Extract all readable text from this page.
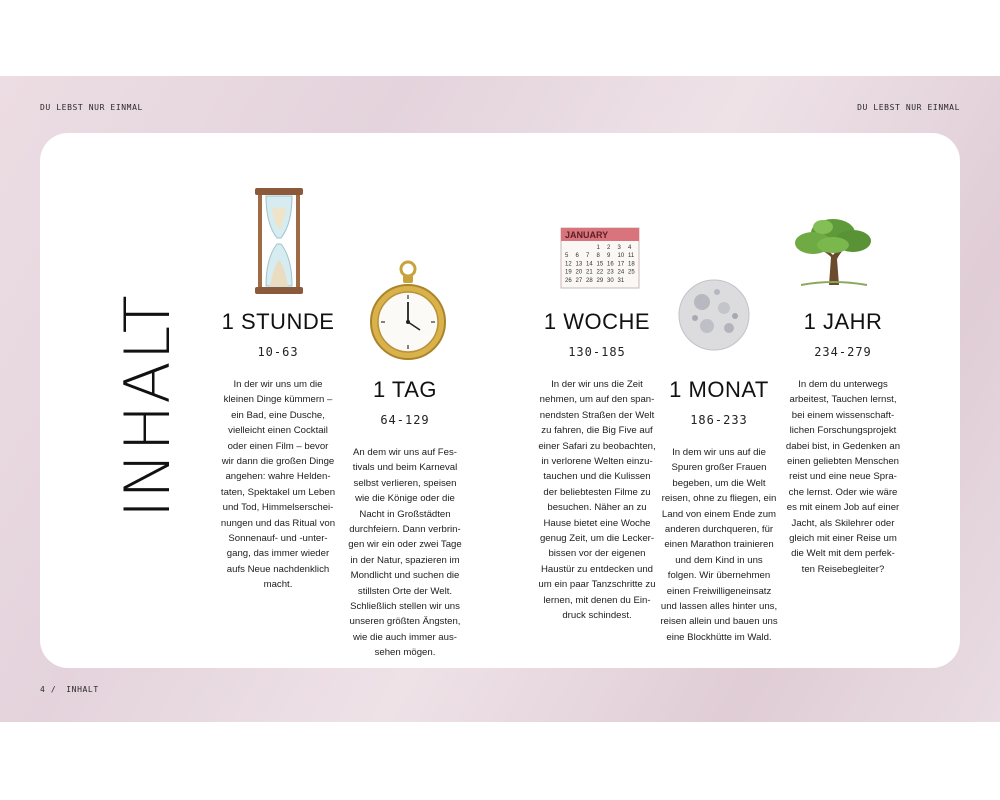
DU LEBST NUR EINMAL	DU LEBST NUR EINMAL
4 / INHALT
INHALT
JANUARY
1 2 3 4
5 6 7 8 9 10 11
12 13 14 15 16 17 18
19 20 21 22 23 24 25
26 27 28 29 30 31
1 STUNDE
10-63

In der wir uns um die
kleinen Dinge kümmern –
ein Bad, eine Dusche,
vielleicht einen Cocktail
oder einen Film – bevor
wir dann die großen Dinge
angehen: wahre Helden-
taten, Spektakel um Leben
und Tod, Himmelserschei-
nungen und das Ritual von
Sonnenauf- und -unter-
gang, das immer wieder
aufs Neue nachdenklich
macht.

1 TAG
64-129

An dem wir uns auf Fes-
tivals und beim Karneval
selbst verlieren, speisen
wie die Könige oder die
Nacht in Großstädten
durchfeiern. Dann verbrin-
gen wir ein oder zwei Tage
in der Natur, spazieren im
Mondlicht und suchen die
stillsten Orte der Welt.
Schließlich stellen wir uns
unseren größten Ängsten,
wie die auch immer aus-
sehen mögen.

1 WOCHE
130-185

In der wir uns die Zeit
nehmen, um auf den span-
nendsten Straßen der Welt
zu fahren, die Big Five auf
einer Safari zu beobachten,
in verlorene Welten einzu-
tauchen und die Kulissen
der beliebtesten Filme zu
besuchen. Näher an zu
Hause bietet eine Woche
genug Zeit, um die Lecker-
bissen vor der eigenen
Haustür zu entdecken und
um ein paar Tanzschritte zu
lernen, mit denen du Ein-
druck schindest.

1 MONAT
186-233

In dem wir uns auf die
Spuren großer Frauen
begeben, um die Welt
reisen, ohne zu fliegen, ein
Land von einem Ende zum
anderen durchqueren, für
einen Marathon trainieren
und dem Kind in uns
folgen. Wir übernehmen
einen Freiwilligeneinsatz
und lassen alles hinter uns,
reisen allein und bauen uns
eine Blockhütte im Wald.

1 JAHR
234-279

In dem du unterwegs
arbeitest, Tauchen lernst,
bei einem wissenschaft-
lichen Forschungsprojekt
dabei bist, in Gedenken an
einen geliebten Menschen
reist und eine neue Spra-
che lernst. Oder wie wäre
es mit einem Job auf einer
Jacht, als Skilehrer oder
gleich mit einer Reise um
die Welt mit dem perfek-
ten Reisebegleiter?
